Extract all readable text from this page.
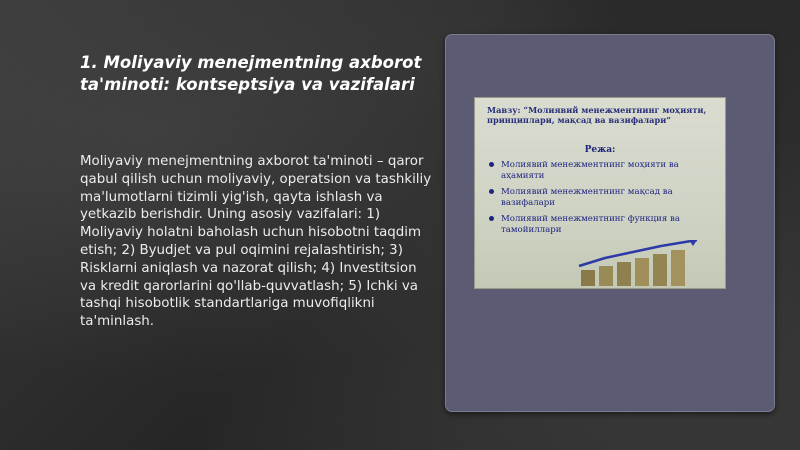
1. Moliyaviy menejmentning axborot ta'minoti: kontseptsiya va vazifalari

Moliyaviy menejmentning axborot ta'minoti – qaror qabul qilish uchun moliyaviy, operatsion va tashkiliy ma'lumotlarni tizimli yig'ish, qayta ishlash va yetkazib berishdir. Uning asosiy vazifalari: 1) Moliyaviy holatni baholash uchun hisobotni taqdim etish; 2) Byudjet va pul oqimini rejalashtirish; 3) Risklarni aniqlash va nazorat qilish; 4) Investitsion va kredit qarorlarini qo'llab-quvvatlash; 5) Ichki va tashqi hisobotlik standartlariga muvofiqlikni ta'minlash.

Мавзу: “Молиявий менежментнинг моҳияти, принциплари, мақсад ва вазифалари”
Режа:
Молиявий менежментнинг моҳияти ва аҳамияти
Молиявий менежментнинг мақсад ва вазифалари
Молиявий менежментнинг функция ва тамойиллари
